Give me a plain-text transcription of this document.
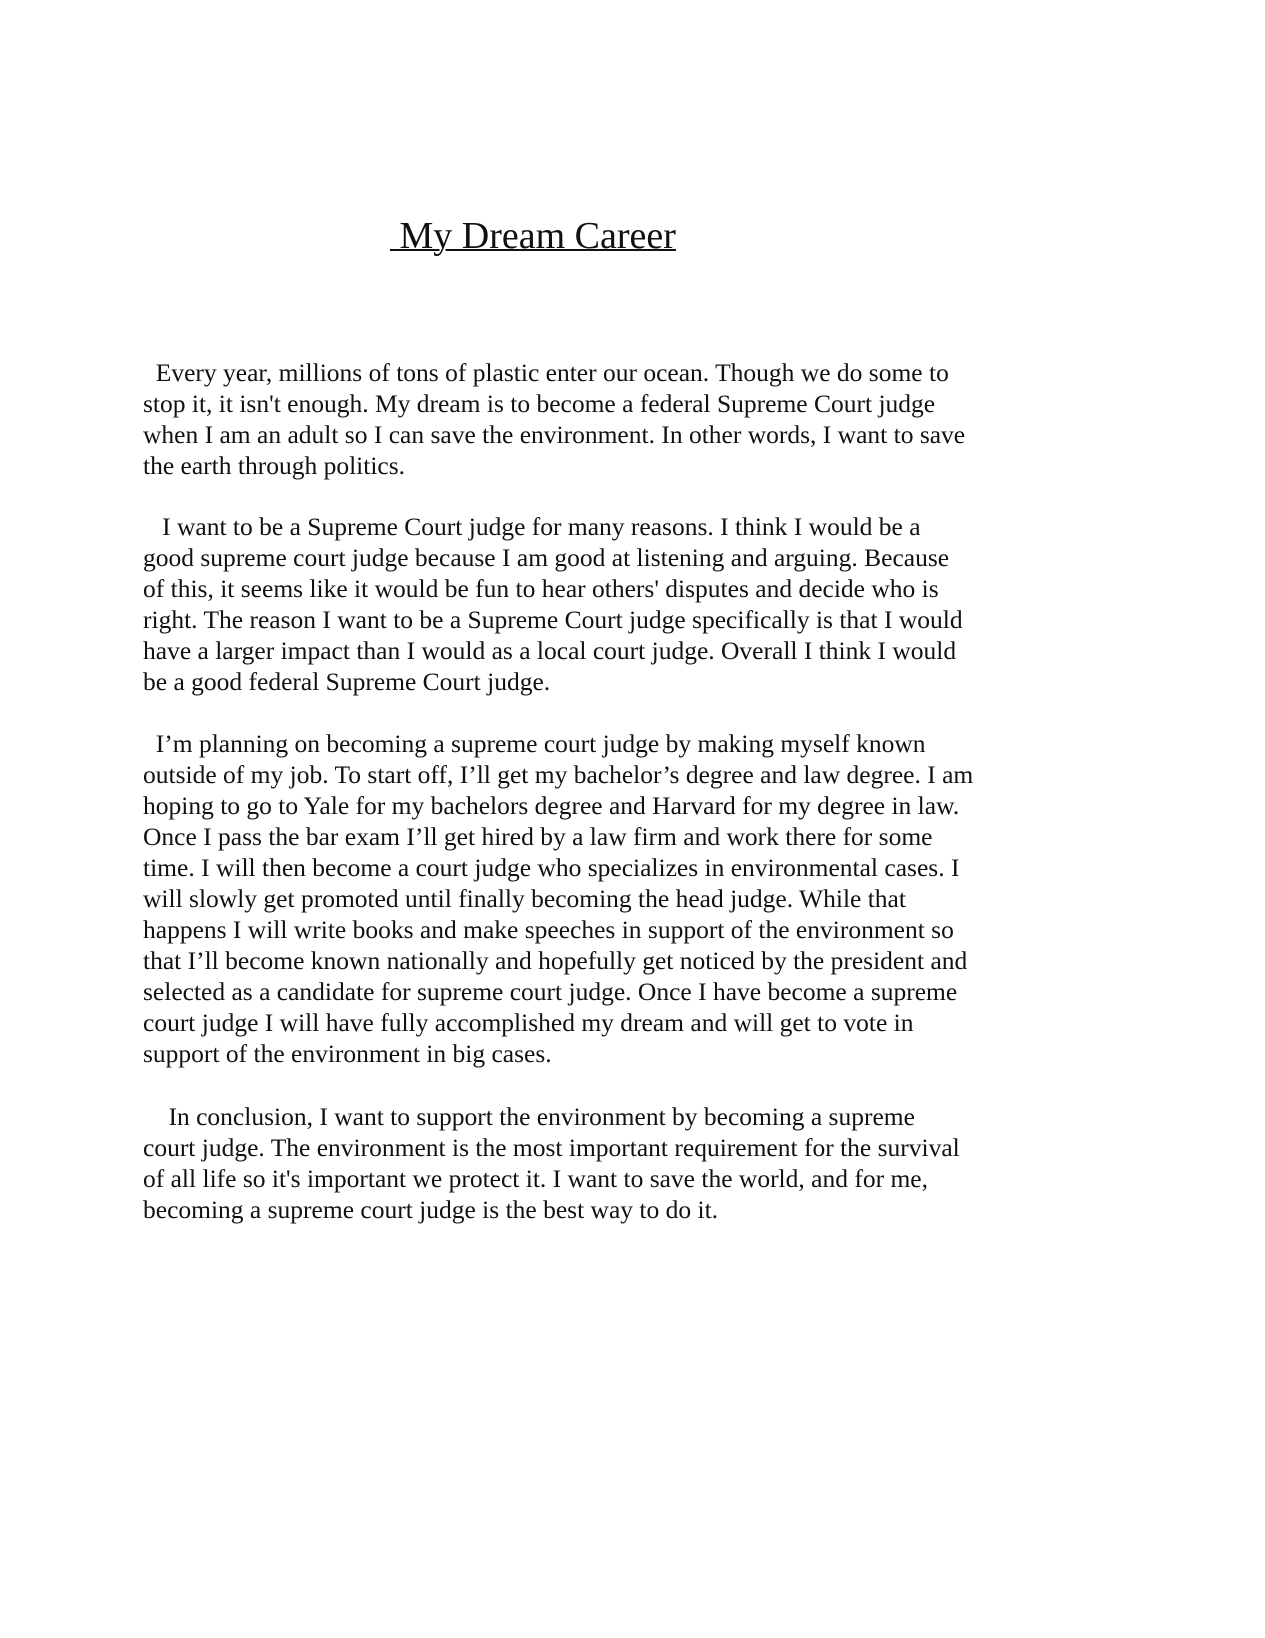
My Dream Career
Every year, millions of tons of plastic enter our ocean. Though we do some to
stop it, it isn't enough. My dream is to become a federal Supreme Court judge
when I am an adult so I can save the environment. In other words, I want to save
the earth through politics.
I want to be a Supreme Court judge for many reasons. I think I would be a
good supreme court judge because I am good at listening and arguing. Because
of this, it seems like it would be fun to hear others' disputes and decide who is
right. The reason I want to be a Supreme Court judge specifically is that I would
have a larger impact than I would as a local court judge. Overall I think I would
be a good federal Supreme Court judge.
I’m planning on becoming a supreme court judge by making myself known
outside of my job. To start off, I’ll get my bachelor’s degree and law degree. I am
hoping to go to Yale for my bachelors degree and Harvard for my degree in law.
Once I pass the bar exam I’ll get hired by a law firm and work there for some
time. I will then become a court judge who specializes in environmental cases. I
will slowly get promoted until finally becoming the head judge. While that
happens I will write books and make speeches in support of the environment so
that I’ll become known nationally and hopefully get noticed by the president and
selected as a candidate for supreme court judge. Once I have become a supreme
court judge I will have fully accomplished my dream and will get to vote in
support of the environment in big cases.
In conclusion, I want to support the environment by becoming a supreme
court judge. The environment is the most important requirement for the survival
of all life so it's important we protect it. I want to save the world, and for me,
becoming a supreme court judge is the best way to do it.
